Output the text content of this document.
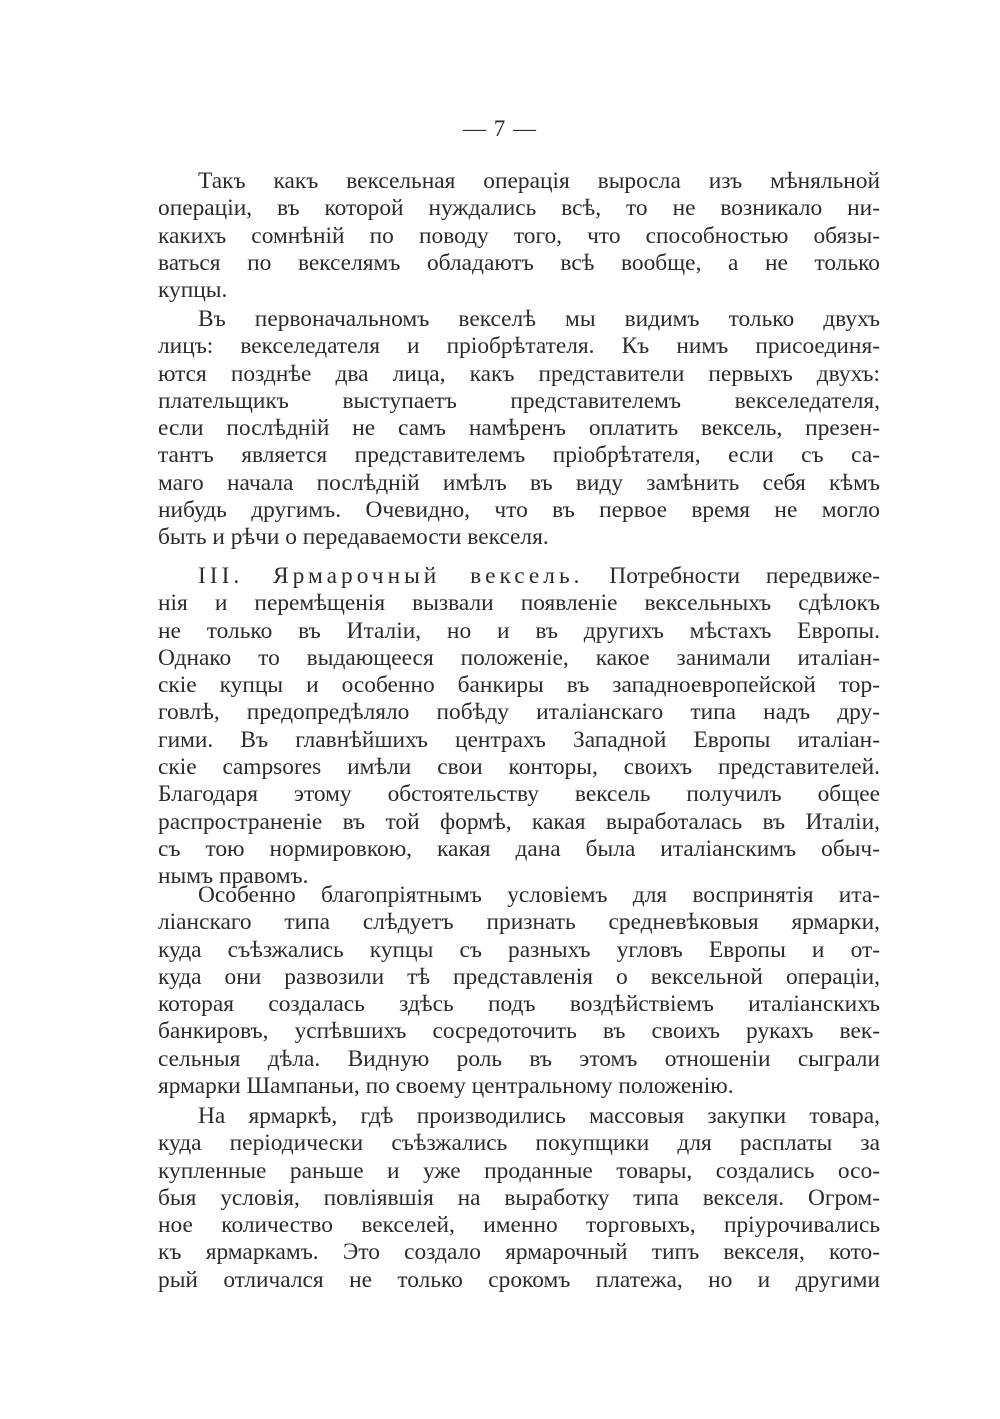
— 7 —
Такъ какъ вексельная операція выросла изъ мѣняльной
операціи, въ которой нуждались всѣ, то не возникало ни-
какихъ сомнѣній по поводу того, что способностью обязы-
ваться по векселямъ обладаютъ всѣ вообще, а не только
купцы.
Въ первоначальномъ векселѣ мы видимъ только двухъ
лицъ: векселедателя и пріобрѣтателя. Къ нимъ присоединя-
ются позднѣе два лица, какъ представители первыхъ двухъ:
плательщикъ выступаетъ представителемъ векселедателя,
если послѣдній не самъ намѣренъ оплатить вексель, презен-
тантъ является представителемъ пріобрѣтателя, если съ са-
маго начала послѣдній имѣлъ въ виду замѣнить себя кѣмъ
нибудь другимъ. Очевидно, что въ первое время не могло
быть и рѣчи о передаваемости векселя.
III. Ярмарочный вексель. Потребности передвиже-
нія и перемѣщенія вызвали появленіе вексельныхъ сдѣлокъ
не только въ Италіи, но и въ другихъ мѣстахъ Европы.
Однако то выдающееся положеніе, какое занимали италіан-
скіе купцы и особенно банкиры въ западноевропейской тор-
говлѣ, предопредѣляло побѣду италіанскаго типа надъ дру-
гими. Въ главнѣйшихъ центрахъ Западной Европы италіан-
скіе campsores имѣли свои конторы, своихъ представителей.
Благодаря этому обстоятельству вексель получилъ общее
распространеніе въ той формѣ, какая выработалась въ Италіи,
съ тою нормировкою, какая дана была италіанскимъ обыч-
нымъ правомъ.
Особенно благопріятнымъ условіемъ для воспринятія ита-
ліанскаго типа слѣдуетъ признать средневѣковыя ярмарки,
куда съѣзжались купцы съ разныхъ угловъ Европы и от-
куда они развозили тѣ представленія о вексельной операціи,
которая создалась здѣсь подъ воздѣйствіемъ италіанскихъ
банкировъ, успѣвшихъ сосредоточить въ своихъ рукахъ век-
сельныя дѣла. Видную роль въ этомъ отношеніи сыграли
ярмарки Шампаньи, по своему центральному положенію.
На ярмаркѣ, гдѣ производились массовыя закупки товара,
куда періодически съѣзжались покупщики для расплаты за
купленные раньше и уже проданные товары, создались осо-
быя условія, повліявшія на выработку типа векселя. Огром-
ное количество векселей, именно торговыхъ, пріурочивались
къ ярмаркамъ. Это создало ярмарочный типъ векселя, кото-
рый отличался не только срокомъ платежа, но и другими
